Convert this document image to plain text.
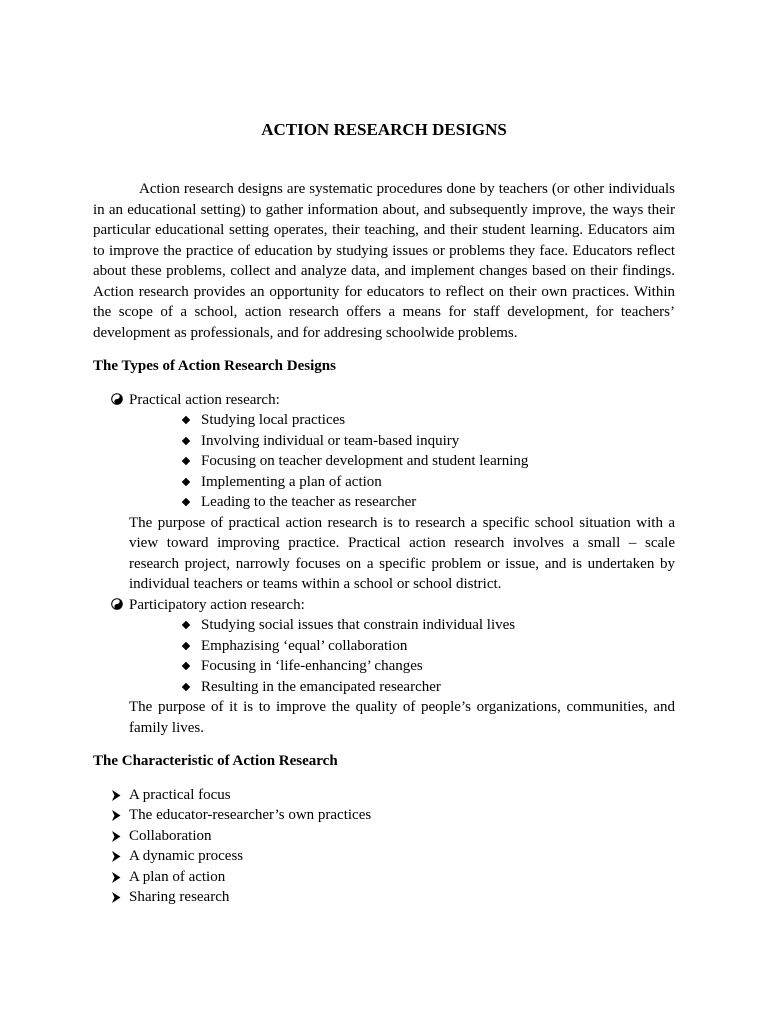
ACTION RESEARCH DESIGNS

Action research designs are systematic procedures done by teachers (or other individuals in an educational setting) to gather information about, and subsequently improve, the ways their particular educational setting operates, their teaching, and their student learning. Educators aim to improve the practice of education by studying issues or problems they face. Educators reflect about these problems, collect and analyze data, and implement changes based on their findings. Action research provides an opportunity for educators to reflect on their own practices. Within the scope of a school, action research offers a means for staff development, for teachers’ development as professionals, and for addresing schoolwide problems.

The Types of Action Research Designs

Practical action research:
Studying local practices
Involving individual or team-based inquiry
Focusing on teacher development and student learning
Implementing a plan of action
Leading to the teacher as researcher

The purpose of practical action research is to research a specific school situation with a view toward improving practice. Practical action research involves a small – scale research project, narrowly focuses on a specific problem or issue, and is undertaken by individual teachers or teams within a school or school district.

Participatory action research:
Studying social issues that constrain individual lives
Emphazising ‘equal’ collaboration
Focusing in ‘life-enhancing’ changes
Resulting in the emancipated researcher

The purpose of it is to improve the quality of people’s organizations, communities, and family lives.

The Characteristic of Action Research

A practical focus
The educator-researcher’s own practices
Collaboration
A dynamic process
A plan of action
Sharing research
